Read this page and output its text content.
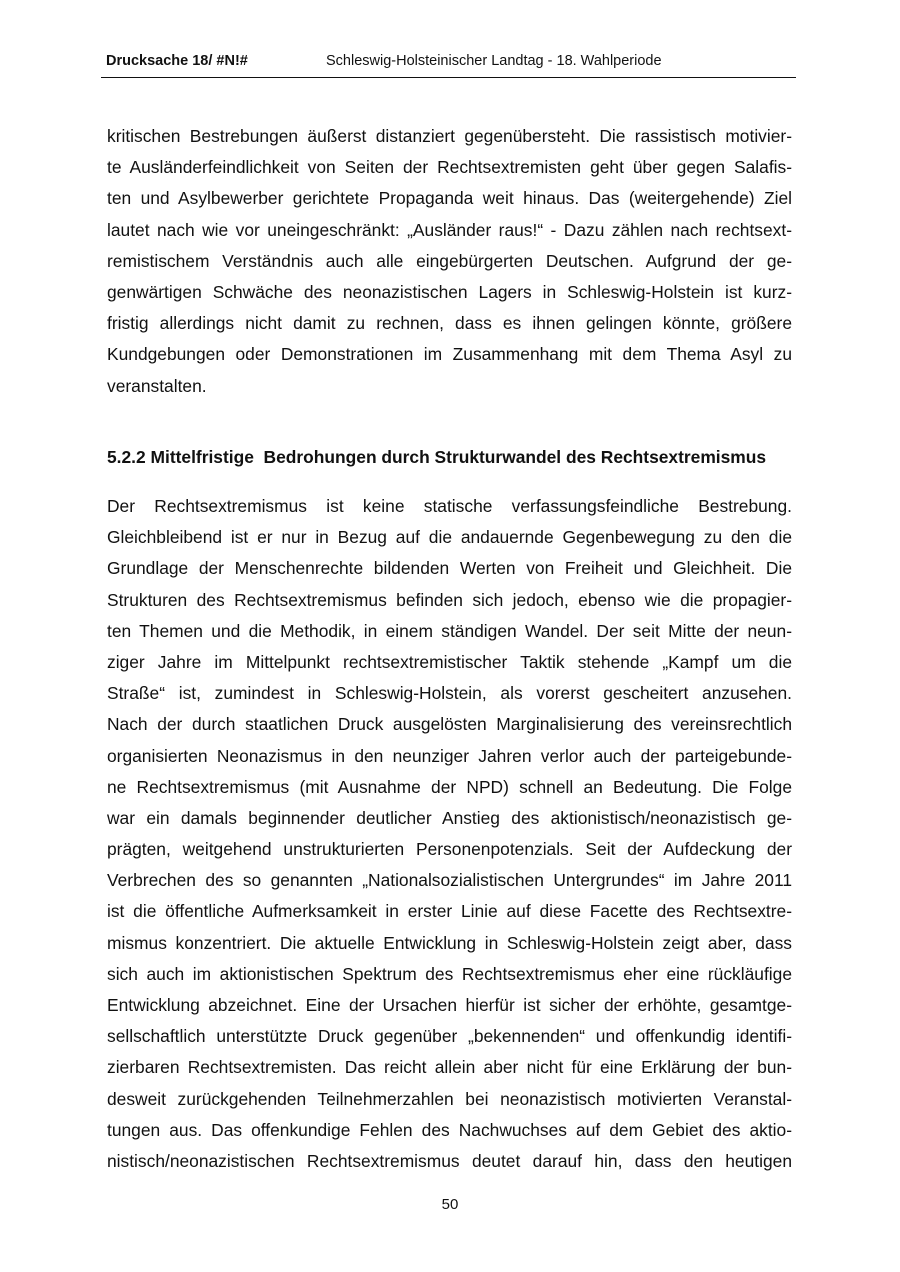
Drucksache 18/ #N!#	Schleswig-Holsteinischer Landtag - 18. Wahlperiode
kritischen Bestrebungen äußerst distanziert gegenübersteht. Die rassistisch motivier-
te Ausländerfeindlichkeit von Seiten der Rechtsextremisten geht über gegen Salafis-
ten und Asylbewerber gerichtete Propaganda weit hinaus. Das (weitergehende) Ziel
lautet nach wie vor uneingeschränkt: „Ausländer raus!“ - Dazu zählen nach rechtsext-
remistischem Verständnis auch alle eingebürgerten Deutschen. Aufgrund der ge-
genwärtigen Schwäche des neonazistischen Lagers in Schleswig-Holstein ist kurz-
fristig allerdings nicht damit zu rechnen, dass es ihnen gelingen könnte, größere
Kundgebungen oder Demonstrationen im Zusammenhang mit dem Thema Asyl zu
veranstalten.
5.2.2 Mittelfristige  Bedrohungen durch Strukturwandel des Rechtsextremismus
Der Rechtsextremismus ist keine statische verfassungsfeindliche Bestrebung.
Gleichbleibend ist er nur in Bezug auf die andauernde Gegenbewegung zu den die
Grundlage der Menschenrechte bildenden Werten von Freiheit und Gleichheit. Die
Strukturen des Rechtsextremismus befinden sich jedoch, ebenso wie die propagier-
ten Themen und die Methodik, in einem ständigen Wandel. Der seit Mitte der neun-
ziger Jahre im Mittelpunkt rechtsextremistischer Taktik stehende „Kampf um die
Straße“ ist, zumindest in Schleswig-Holstein, als vorerst gescheitert anzusehen.
Nach der durch staatlichen Druck ausgelösten Marginalisierung des vereinsrechtlich
organisierten Neonazismus in den neunziger Jahren verlor auch der parteigebunde-
ne Rechtsextremismus (mit Ausnahme der NPD) schnell an Bedeutung. Die Folge
war ein damals beginnender deutlicher Anstieg des aktionistisch/neonazistisch ge-
prägten, weitgehend unstrukturierten Personenpotenzials. Seit der Aufdeckung der
Verbrechen des so genannten „Nationalsozialistischen Untergrundes“ im Jahre 2011
ist die öffentliche Aufmerksamkeit in erster Linie auf diese Facette des Rechtsextre-
mismus konzentriert. Die aktuelle Entwicklung in Schleswig-Holstein zeigt aber, dass
sich auch im aktionistischen Spektrum des Rechtsextremismus eher eine rückläufige
Entwicklung abzeichnet. Eine der Ursachen hierfür ist sicher der erhöhte, gesamtge-
sellschaftlich unterstützte Druck gegenüber „bekennenden“ und offenkundig identifi-
zierbaren Rechtsextremisten. Das reicht allein aber nicht für eine Erklärung der bun-
desweit zurückgehenden Teilnehmerzahlen bei neonazistisch motivierten Veranstal-
tungen aus. Das offenkundige Fehlen des Nachwuchses auf dem Gebiet des aktio-
nistisch/neonazistischen Rechtsextremismus deutet darauf hin, dass den heutigen
50
